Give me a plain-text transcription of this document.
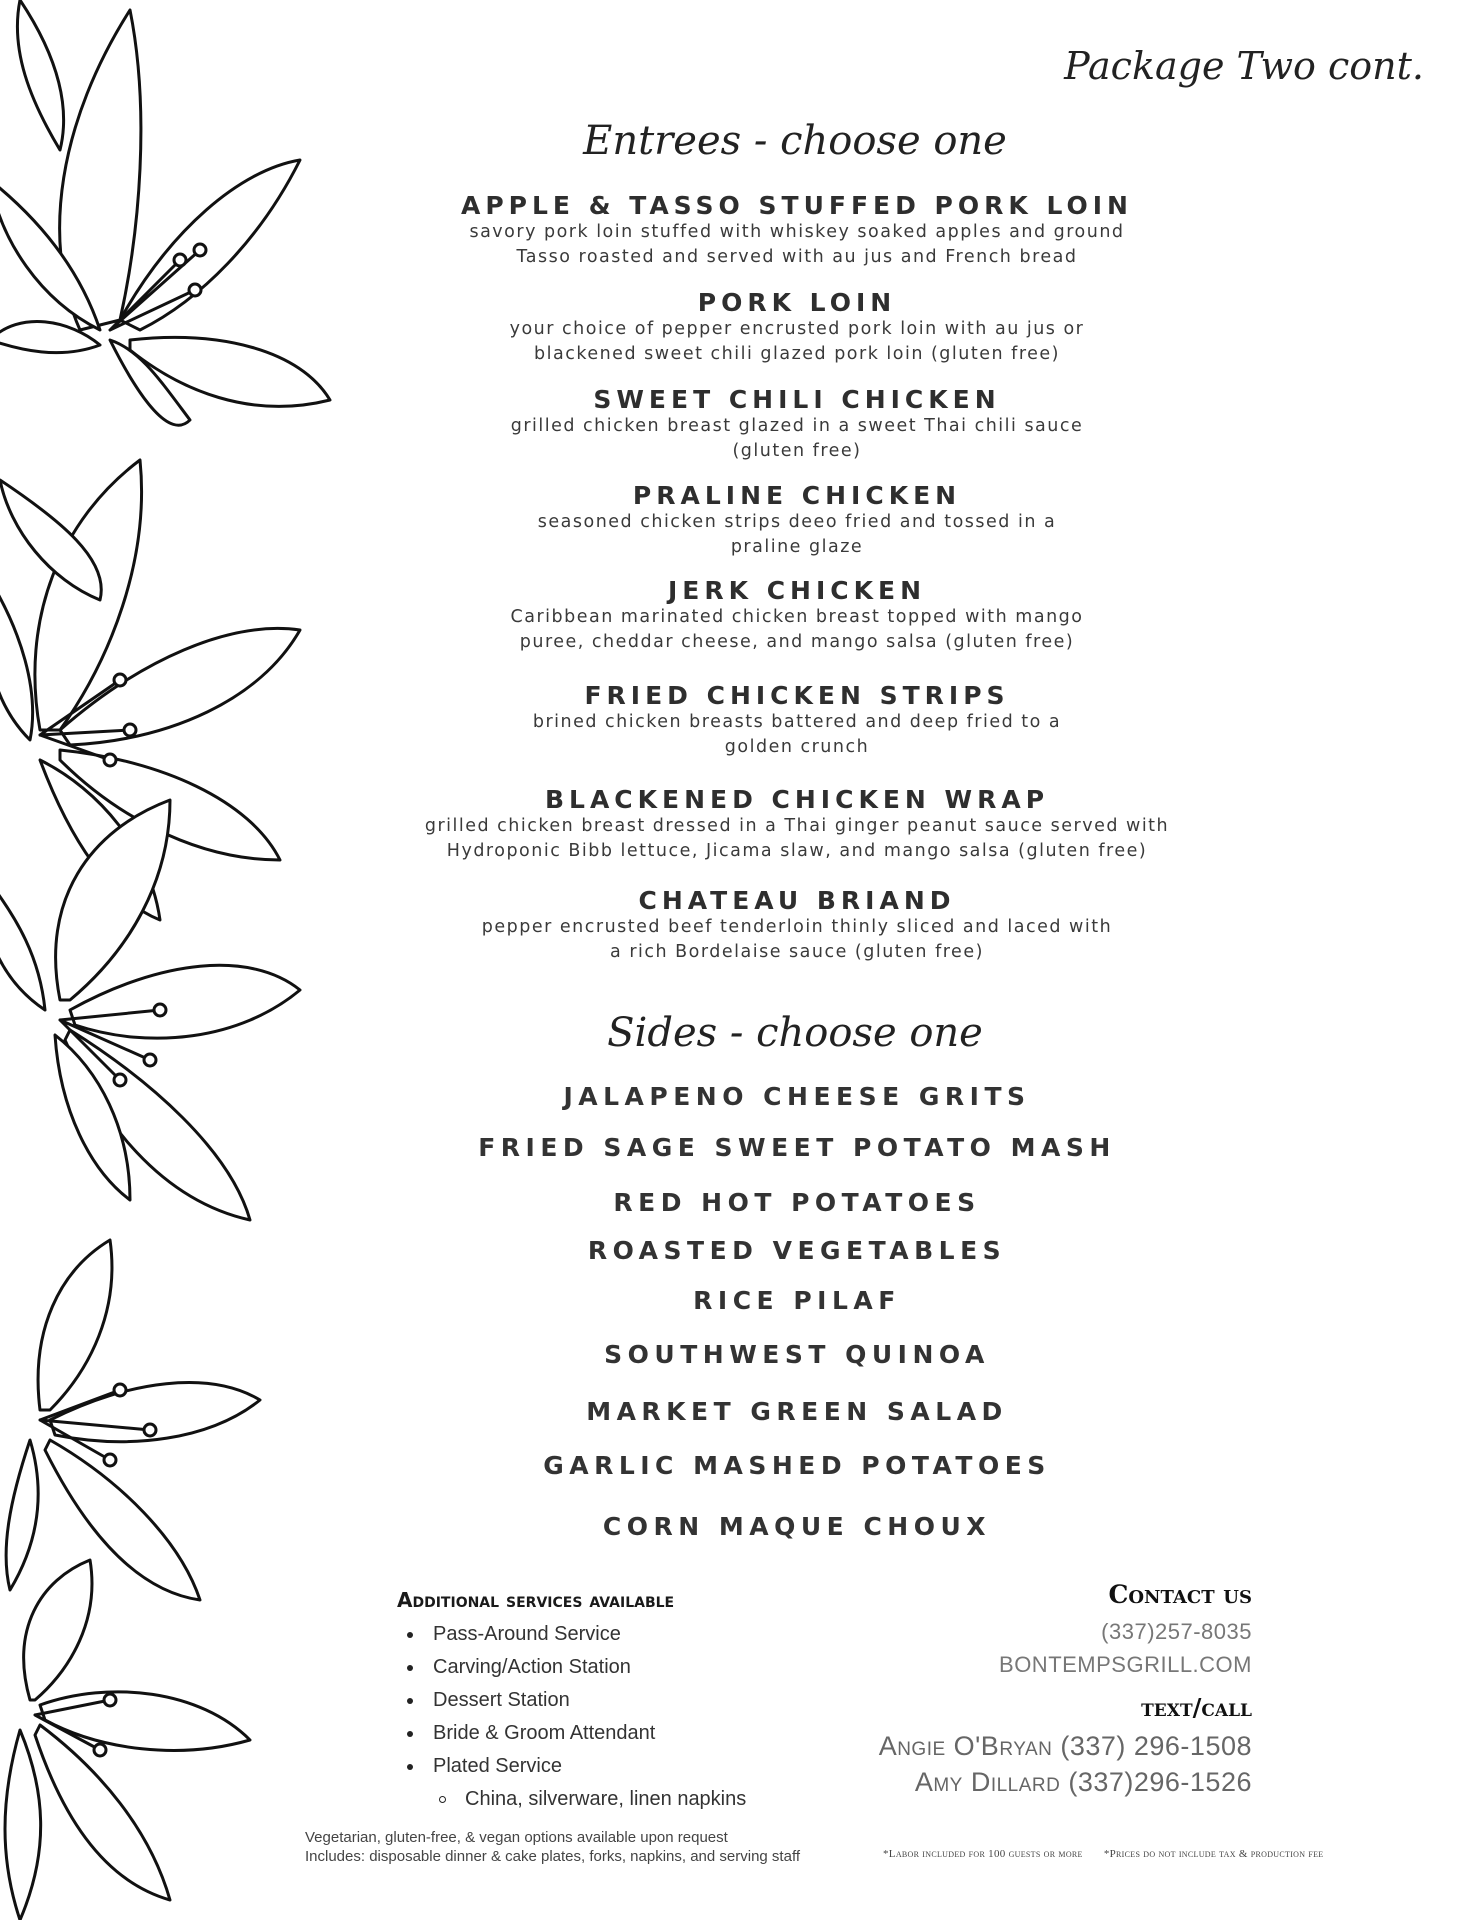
Package Two cont.
Entrees - choose one
APPLE & TASSO STUFFED PORK LOIN
savory pork loin stuffed with whiskey soaked apples and ground
Tasso roasted and served with au jus and French bread
PORK LOIN
your choice of pepper encrusted pork loin with au jus or
blackened sweet chili glazed pork loin (gluten free)
SWEET CHILI CHICKEN
grilled chicken breast glazed in a sweet Thai chili sauce
(gluten free)
PRALINE CHICKEN
seasoned chicken strips deeo fried and tossed in a
praline glaze
JERK CHICKEN
Caribbean marinated chicken breast topped with mango
puree, cheddar cheese, and mango salsa (gluten free)
FRIED CHICKEN STRIPS
brined chicken breasts battered and deep fried to a
golden crunch
BLACKENED CHICKEN WRAP
grilled chicken breast dressed in a Thai ginger peanut sauce served with
Hydroponic Bibb lettuce, Jicama slaw, and mango salsa (gluten free)
CHATEAU BRIAND
pepper encrusted beef tenderloin thinly sliced and laced with
a rich Bordelaise sauce (gluten free)
Sides - choose one
JALAPENO CHEESE GRITS
FRIED SAGE SWEET POTATO MASH
RED HOT POTATOES
ROASTED VEGETABLES
RICE PILAF
SOUTHWEST QUINOA
MARKET GREEN SALAD
GARLIC MASHED POTATOES
CORN MAQUE CHOUX
Additional services available
Pass-Around Service
Carving/Action Station
Dessert Station
Bride & Groom Attendant
Plated Service
China, silverware, linen napkins
Contact us
(337)257-8035
BONTEMPSGRILL.COM
text/call
Angie O'Bryan (337) 296-1508
Amy Dillard (337)296-1526
Vegetarian, gluten-free, & vegan options available upon request
Includes: disposable dinner & cake plates, forks, napkins, and serving staff	*Labor included for 100 guests or more *Prices do not include tax & production fee
